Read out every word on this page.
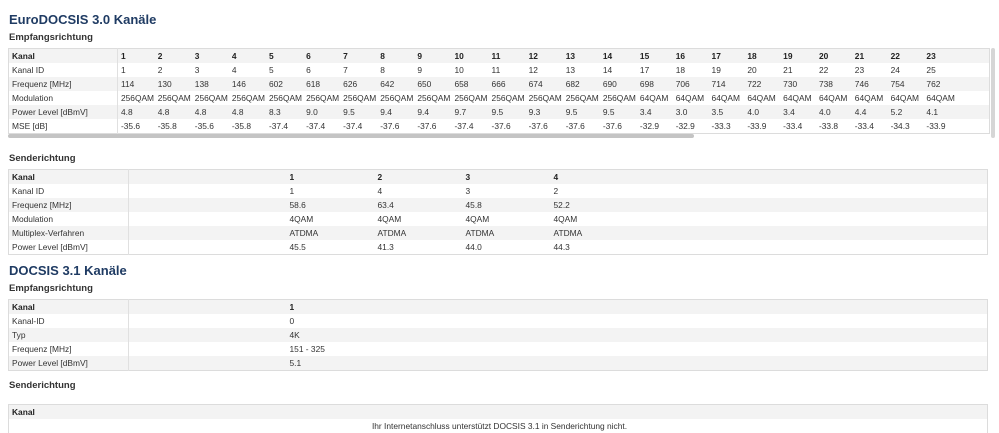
EuroDOCSIS 3.0 Kanäle
Empfangsrichtung
Kanal	1	2	3	4	5	6	7	8	9	10	11	12	13	14	15	16	17	18	19	20	21	22	23	
Kanal ID	1	2	3	4	5	6	7	8	9	10	11	12	13	14	17	18	19	20	21	22	23	24	25	
Frequenz [MHz]	114	130	138	146	602	618	626	642	650	658	666	674	682	690	698	706	714	722	730	738	746	754	762	
Modulation	256QAM	256QAM	256QAM	256QAM	256QAM	256QAM	256QAM	256QAM	256QAM	256QAM	256QAM	256QAM	256QAM	256QAM	64QAM	64QAM	64QAM	64QAM	64QAM	64QAM	64QAM	64QAM	64QAM	
Power Level [dBmV]	4.8	4.8	4.8	4.8	8.3	9.0	9.5	9.4	9.4	9.7	9.5	9.3	9.5	9.5	3.4	3.0	3.5	4.0	3.4	4.0	4.4	5.2	4.1	
MSE [dB]	-35.6	-35.8	-35.6	-35.8	-37.4	-37.4	-37.4	-37.6	-37.6	-37.4	-37.6	-37.6	-37.6	-37.6	-32.9	-32.9	-33.3	-33.9	-33.4	-33.8	-33.4	-34.3	-33.9	
Senderichtung
Kanal		1	2	3	4	
Kanal ID		1	4	3	2	
Frequenz [MHz]		58.6	63.4	45.8	52.2	
Modulation		4QAM	4QAM	4QAM	4QAM	
Multiplex-Verfahren		ATDMA	ATDMA	ATDMA	ATDMA	
Power Level [dBmV]		45.5	41.3	44.0	44.3	
DOCSIS 3.1 Kanäle
Empfangsrichtung
Kanal		1
Kanal-ID		0
Typ		4K
Frequenz [MHz]		151 - 325
Power Level [dBmV]		5.1
Senderichtung
Kanal
Ihr Internetanschluss unterstützt DOCSIS 3.1 in Senderichtung nicht.
